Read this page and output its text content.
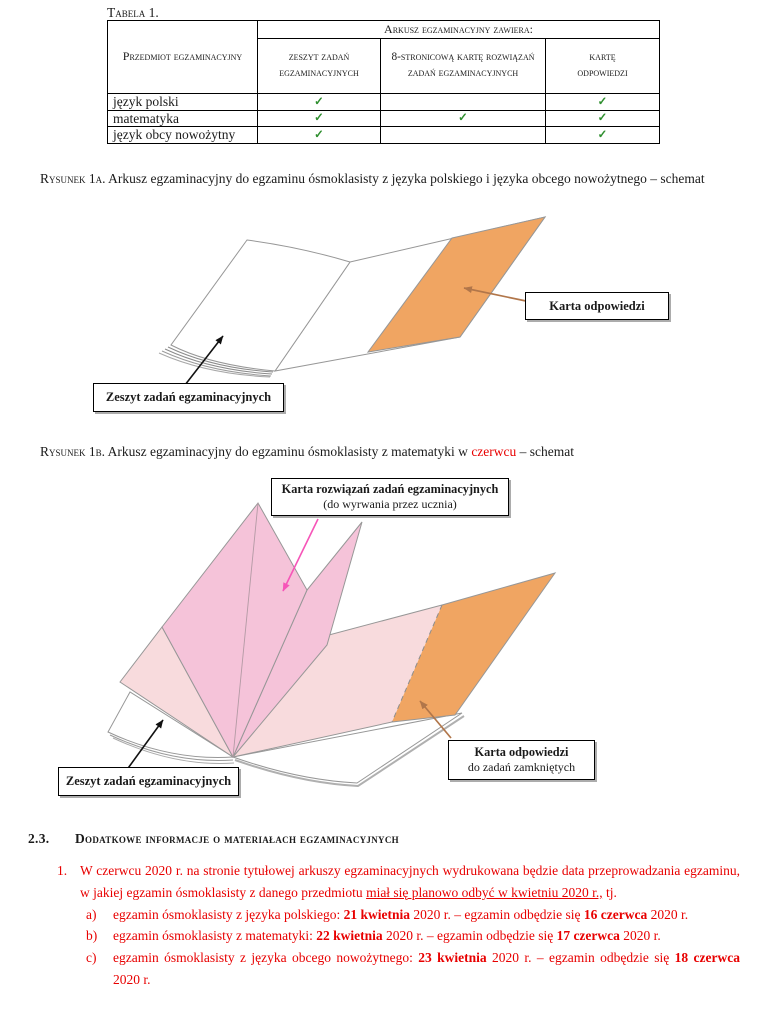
Tabela 1.
Przedmiot egzaminacyjny	Arkusz egzaminacyjny zawiera:		
	zeszyt zadań egzaminacyjnych	8-stronicową kartę rozwiązań zadań egzaminacyjnych	kartę odpowiedzi
język polski	✓		✓
matematyka	✓	✓	✓
język obcy nowożytny	✓		✓
Rysunek 1a. Arkusz egzaminacyjny do egzaminu ósmoklasisty z języka polskiego i języka obcego nowożytnego – schemat
Karta odpowiedzi
Zeszyt zadań egzaminacyjnych
Rysunek 1b. Arkusz egzaminacyjny do egzaminu ósmoklasisty z matematyki w czerwcu – schemat
Karta rozwiązań zadań egzaminacyjnych
(do wyrwania przez ucznia)
Zeszyt zadań egzaminacyjnych
Karta odpowiedzi
do zadań zamkniętych
2.3. Dodatkowe informacje o materiałach egzaminacyjnych
1. W czerwcu 2020 r. na stronie tytułowej arkuszy egzaminacyjnych wydrukowana będzie data przeprowadzania egzaminu, w jakiej egzamin ósmoklasisty z danego przedmiotu miał się planowo odbyć w kwietniu 2020 r., tj.
a)	egzamin ósmoklasisty z języka polskiego: 21 kwietnia 2020 r. – egzamin odbędzie się 16 czerwca 2020 r.
b)	egzamin ósmoklasisty z matematyki: 22 kwietnia 2020 r. – egzamin odbędzie się 17 czerwca 2020 r.
c)	egzamin ósmoklasisty z języka obcego nowożytnego: 23 kwietnia 2020 r. – egzamin odbędzie się 18 czerwca 2020 r.
